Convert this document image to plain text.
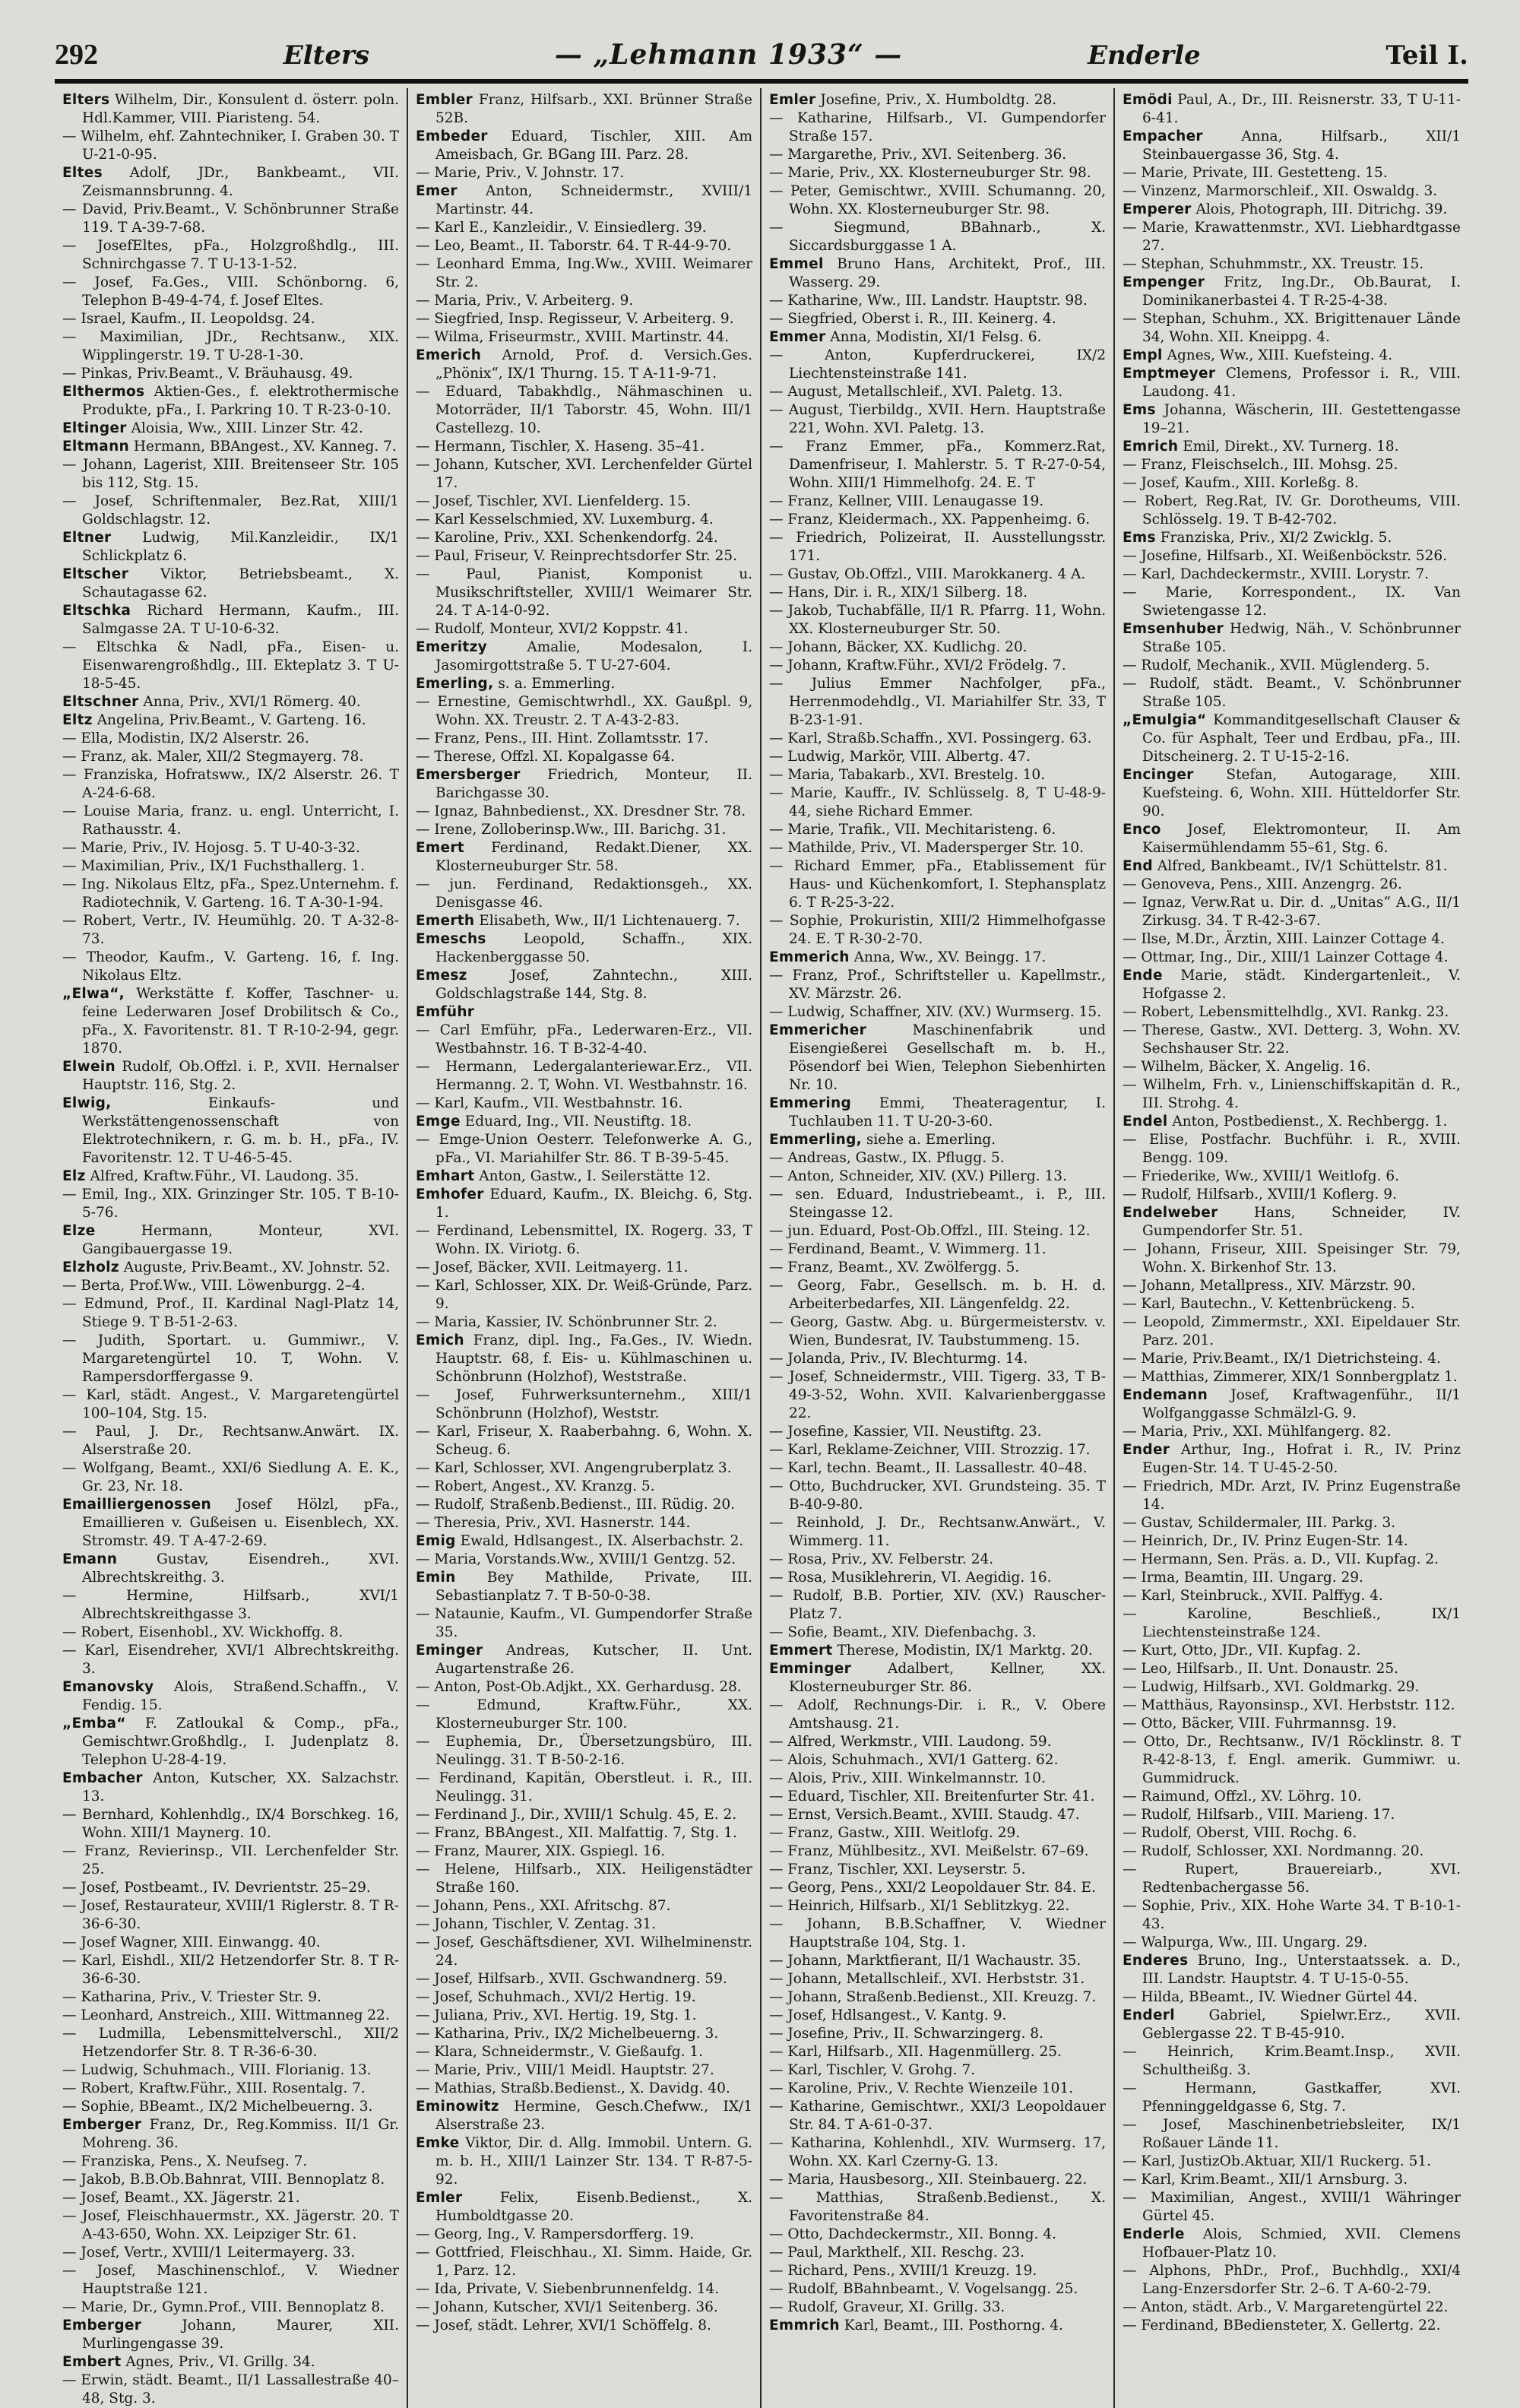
292	Elters	— „Lehmann 1933“ —	Enderle	Teil I.

Elters Wilhelm, Dir., Konsulent d. österr. poln. Hdl.Kammer, VIII. Piaristeng. 54.

— Wilhelm, ehf. Zahntechniker, I. Graben 30. T U-21-0-95.

Eltes Adolf, JDr., Bankbeamt., VII. Zeismannsbrunng. 4.

— David, Priv.Beamt., V. Schönbrunner Straße 119. T A-39-7-68.

— JosefEltes, pFa., Holzgroßhdlg., III. Schnirchgasse 7. T U-13-1-52.

— Josef, Fa.Ges., VIII. Schönborng. 6, Telephon B-49-4-74, f. Josef Eltes.

— Israel, Kaufm., II. Leopoldsg. 24.

— Maximilian, JDr., Rechtsanw., XIX. Wipplingerstr. 19. T U-28-1-30.

— Pinkas, Priv.Beamt., V. Bräuhausg. 49.

Elthermos Aktien-Ges., f. elektrothermische Produkte, pFa., I. Parkring 10. T R-23-0-10.

Eltinger Aloisia, Ww., XIII. Linzer Str. 42.

Eltmann Hermann, BBAngest., XV. Kanneg. 7.

— Johann, Lagerist, XIII. Breitenseer Str. 105 bis 112, Stg. 15.

— Josef, Schriftenmaler, Bez.Rat, XIII/1 Goldschlagstr. 12.

Eltner Ludwig, Mil.Kanzleidir., IX/1 Schlickplatz 6.

Eltscher Viktor, Betriebsbeamt., X. Schautagasse 62.

Eltschka Richard Hermann, Kaufm., III. Salmgasse 2A. T U-10-6-32.

— Eltschka & Nadl, pFa., Eisen- u. Eisenwarengroßhdlg., III. Ekteplatz 3. T U-18-5-45.

Eltschner Anna, Priv., XVI/1 Römerg. 40.

Eltz Angelina, Priv.Beamt., V. Garteng. 16.

— Ella, Modistin, IX/2 Alserstr. 26.

— Franz, ak. Maler, XII/2 Stegmayerg. 78.

— Franziska, Hofratsww., IX/2 Alserstr. 26. T A-24-6-68.

— Louise Maria, franz. u. engl. Unterricht, I. Rathausstr. 4.

— Marie, Priv., IV. Hojosg. 5. T U-40-3-32.

— Maximilian, Priv., IX/1 Fuchsthallerg. 1.

— Ing. Nikolaus Eltz, pFa., Spez.Unternehm. f. Radiotechnik, V. Garteng. 16. T A-30-1-94.

— Robert, Vertr., IV. Heumühlg. 20. T A-32-8-73.

— Theodor, Kaufm., V. Garteng. 16, f. Ing. Nikolaus Eltz.

„Elwa“, Werkstätte f. Koffer, Taschner- u. feine Lederwaren Josef Drobilitsch & Co., pFa., X. Favoritenstr. 81. T R-10-2-94, gegr. 1870.

Elwein Rudolf, Ob.Offzl. i. P., XVII. Hernalser Hauptstr. 116, Stg. 2.

Elwig,	Einkaufs- und Werkstättengenossenschaft von Elektrotechnikern, r. G. m. b. H., pFa., IV. Favoritenstr. 12. T U-46-5-45.

Elz Alfred, Kraftw.Führ., VI. Laudong. 35.

— Emil, Ing., XIX. Grinzinger Str. 105. T B-10-5-76.

Elze	Hermann, Monteur, XVI. Gangibauergasse 19.

Elzholz Auguste, Priv.Beamt., XV. Johnstr. 52.

— Berta, Prof.Ww., VIII. Löwenburgg. 2–4.

— Edmund, Prof., II. Kardinal Nagl-Platz 14, Stiege 9. T B-51-2-63.

— Judith, Sportart. u. Gummiwr., V. Margaretengürtel 10. T, Wohn. V. Rampersdorffergasse 9.

— Karl, städt. Angest., V. Margaretengürtel 100–104, Stg. 15.

— Paul, J. Dr., Rechtsanw.Anwärt. IX. Alserstraße 20.

— Wolfgang, Beamt., XXI/6 Siedlung A. E. K., Gr. 23, Nr. 18.

Emailliergenossen Josef Hölzl, pFa., Emaillieren v. Gußeisen u. Eisenblech, XX. Stromstr. 49. T A-47-2-69.

Emann	Gustav, Eisendreh., XVI. Albrechtskreithg. 3.

— Hermine, Hilfsarb., XVI/1 Albrechtskreithgasse 3.

— Robert, Eisenhobl., XV. Wickhoffg. 8.

— Karl, Eisendreher, XVI/1 Albrechtskreithg. 3.

Emanovsky Alois, Straßend.Schaffn., V. Fendig. 15.

„Emba“ F. Zatloukal & Comp., pFa., Gemischtwr.Großhdlg., I. Judenplatz 8. Telephon U-28-4-19.

Embacher Anton, Kutscher, XX. Salzachstr. 13.

— Bernhard, Kohlenhdlg., IX/4 Borschkeg. 16, Wohn. XIII/1 Maynerg. 10.

— Franz, Revierinsp., VII. Lerchenfelder Str. 25.

— Josef, Postbeamt., IV. Devrientstr. 25–29.

— Josef, Restaurateur, XVIII/1 Riglerstr. 8. T R-36-6-30.

— Josef Wagner, XIII. Einwangg. 40.

— Karl, Eishdl., XII/2 Hetzendorfer Str. 8. T R-36-6-30.

— Katharina, Priv., V. Triester Str. 9.

— Leonhard, Anstreich., XIII. Wittmanneg 22.

— Ludmilla, Lebensmittelverschl., XII/2 Hetzendorfer Str. 8. T R-36-6-30.

— Ludwig, Schuhmach., VIII. Florianig. 13.

— Robert, Kraftw.Führ., XIII. Rosentalg. 7.

— Sophie, BBeamt., IX/2 Michelbeuerng. 3.

Emberger Franz, Dr., Reg.Kommiss. II/1 Gr. Mohreng. 36.

— Franziska, Pens., X. Neufseg. 7.

— Jakob, B.B.Ob.Bahnrat, VIII. Bennoplatz 8.

— Josef, Beamt., XX. Jägerstr. 21.

— Josef, Fleischhauermstr., XX. Jägerstr. 20. T A-43-650, Wohn. XX. Leipziger Str. 61.

— Josef, Vertr., XVIII/1 Leitermayerg. 33.

— Josef, Maschinenschlof., V. Wiedner Hauptstraße 121.

— Marie, Dr., Gymn.Prof., VIII. Bennoplatz 8.

Emberger	Johann, Maurer, XII. Murlingengasse 39.

Embert Agnes, Priv., VI. Grillg. 34.

— Erwin, städt. Beamt., II/1 Lassallestraße 40–48, Stg. 3.

Embler Franz, Hilfsarb., XXI. Brünner Straße 52B.

Embeder Eduard, Tischler, XIII. Am Ameisbach, Gr. BGang III. Parz. 28.

— Marie, Priv., V. Johnstr. 17.

Emer Anton, Schneidermstr., XVIII/1 Martinstr. 44.

— Karl E., Kanzleidir., V. Einsiedlerg. 39.

— Leo, Beamt., II. Taborstr. 64. T R-44-9-70.

— Leonhard Emma, Ing.Ww., XVIII. Weimarer Str. 2.

— Maria, Priv., V. Arbeiterg. 9.

— Siegfried, Insp. Regisseur, V. Arbeiterg. 9.

— Wilma, Friseurmstr., XVIII. Martinstr. 44.

Emerich Arnold, Prof. d. Versich.Ges. „Phönix“, IX/1 Thurng. 15. T A-11-9-71.

— Eduard, Tabakhdlg., Nähmaschinen u. Motorräder, II/1 Taborstr. 45, Wohn. III/1 Castellezg. 10.

— Hermann, Tischler, X. Haseng. 35–41.

— Johann, Kutscher, XVI. Lerchenfelder Gürtel 17.

— Josef, Tischler, XVI. Lienfelderg. 15.

— Karl Kesselschmied, XV. Luxemburg. 4.

— Karoline, Priv., XXI. Schenkendorfg. 24.

— Paul, Friseur, V. Reinprechtsdorfer Str. 25.

— Paul, Pianist, Komponist u. Musikschriftsteller, XVIII/1 Weimarer Str. 24. T A-14-0-92.

— Rudolf, Monteur, XVI/2 Koppstr. 41.

Emeritzy	Amalie, Modesalon, I. Jasomirgottstraße 5. T U-27-604.

Emerling, s. a. Emmerling.

— Ernestine, Gemischtwrhdl., XX. Gaußpl. 9, Wohn. XX. Treustr. 2. T A-43-2-83.

— Franz, Pens., III. Hint. Zollamtsstr. 17.

— Therese, Offzl. XI. Kopalgasse 64.

Emersberger Friedrich, Monteur, II. Barichgasse 30.

— Ignaz, Bahnbedienst., XX. Dresdner Str. 78.

— Irene, Zolloberinsp.Ww., III. Barichg. 31.

Emert Ferdinand, Redakt.Diener, XX. Klosterneuburger Str. 58.

— jun. Ferdinand, Redaktionsgeh., XX. Denisgasse 46.

Emerth Elisabeth, Ww., II/1 Lichtenauerg. 7.

Emeschs	Leopold, Schaffn., XIX. Hackenberggasse 50.

Emesz	Josef, Zahntechn., XIII. Goldschlagstraße 144, Stg. 8.

Emführ

— Carl Emführ, pFa., Lederwaren-Erz., VII. Westbahnstr. 16. T B-32-4-40.

— Hermann, Ledergalanteriewar.Erz., VII. Hermanng. 2. T, Wohn. VI. Westbahnstr. 16.

— Karl, Kaufm., VII. Westbahnstr. 16.

Emge Eduard, Ing., VII. Neustiftg. 18.

— Emge-Union Oesterr. Telefonwerke A. G., pFa., VI. Mariahilfer Str. 86. T B-39-5-45.

Emhart Anton, Gastw., I. Seilerstätte 12.

Emhofer Eduard, Kaufm., IX. Bleichg. 6, Stg. 1.

— Ferdinand, Lebensmittel, IX. Rogerg. 33, T Wohn. IX. Viriotg. 6.

— Josef, Bäcker, XVII. Leitmayerg. 11.

— Karl, Schlosser, XIX. Dr. Weiß-Gründe, Parz. 9.

— Maria, Kassier, IV. Schönbrunner Str. 2.

Emich Franz, dipl. Ing., Fa.Ges., IV. Wiedn. Hauptstr. 68, f. Eis- u. Kühlmaschinen u. Schönbrunn (Holzhof), Weststraße.

— Josef, Fuhrwerksunternehm., XIII/1 Schönbrunn (Holzhof), Weststr.

— Karl, Friseur, X. Raaberbahng. 6, Wohn. X. Scheug. 6.

— Karl, Schlosser, XVI. Angengruberplatz 3.

— Robert, Angest., XV. Kranzg. 5.

— Rudolf, Straßenb.Bedienst., III. Rüdig. 20.

— Theresia, Priv., XVI. Hasnerstr. 144.

Emig Ewald, Hdlsangest., IX. Alserbachstr. 2.

— Maria, Vorstands.Ww., XVIII/1 Gentzg. 52.

Emin Bey Mathilde, Private, III. Sebastianplatz 7. T B-50-0-38.

— Nataunie, Kaufm., VI. Gumpendorfer Straße 35.

Eminger Andreas, Kutscher, II. Unt. Augartenstraße 26.

— Anton, Post-Ob.Adjkt., XX. Gerhardusg. 28.

— Edmund, Kraftw.Führ., XX. Klosterneuburger Str. 100.

— Euphemia, Dr., Übersetzungsbüro, III. Neulingg. 31. T B-50-2-16.

— Ferdinand, Kapitän, Oberstleut. i. R., III. Neulingg. 31.

— Ferdinand J., Dir., XVIII/1 Schulg. 45, E. 2.

— Franz, BBAngest., XII. Malfattig. 7, Stg. 1.

— Franz, Maurer, XIX. Gspiegl. 16.

— Helene, Hilfsarb., XIX. Heiligenstädter Straße 160.

— Johann, Pens., XXI. Afritschg. 87.

— Johann, Tischler, V. Zentag. 31.

— Josef, Geschäftsdiener, XVI. Wilhelminenstr. 24.

— Josef, Hilfsarb., XVII. Gschwandnerg. 59.

— Josef, Schuhmach., XVI/2 Hertig. 19.

— Juliana, Priv., XVI. Hertig. 19, Stg. 1.

— Katharina, Priv., IX/2 Michelbeuerng. 3.

— Klara, Schneidermstr., V. Gießaufg. 1.

— Marie, Priv., VIII/1 Meidl. Hauptstr. 27.

— Mathias, Straßb.Bedienst., X. Davidg. 40.

Eminowitz Hermine, Gesch.Chefww., IX/1 Alserstraße 23.

Emke Viktor, Dir. d. Allg. Immobil. Untern. G. m. b. H., XIII/1 Lainzer Str. 134. T R-87-5-92.

Emler	Felix, Eisenb.Bedienst., X. Humboldtgasse 20.

— Georg, Ing., V. Rampersdorfferg. 19.

— Gottfried, Fleischhau., XI. Simm. Haide, Gr. 1, Parz. 12.

— Ida, Private, V. Siebenbrunnenfeldg. 14.

— Johann, Kutscher, XVI/1 Seitenberg. 36.

— Josef, städt. Lehrer, XVI/1 Schöffelg. 8.

Emler Josefine, Priv., X. Humboldtg. 28.

— Katharine, Hilfsarb., VI. Gumpendorfer Straße 157.

— Margarethe, Priv., XVI. Seitenberg. 36.

— Marie, Priv., XX. Klosterneuburger Str. 98.

— Peter, Gemischtwr., XVIII. Schumanng. 20, Wohn. XX. Klosterneuburger Str. 98.

— Siegmund, BBahnarb., X. Siccardsburggasse 1 A.

Emmel Bruno Hans, Architekt, Prof., III. Wasserg. 29.

— Katharine, Ww., III. Landstr. Hauptstr. 98.

— Siegfried, Oberst i. R., III. Keinerg. 4.

Emmer Anna, Modistin, XI/1 Felsg. 6.

— Anton, Kupferdruckerei, IX/2 Liechtensteinstraße 141.

— August, Metallschleif., XVI. Paletg. 13.

— August, Tierbildg., XVII. Hern. Hauptstraße 221, Wohn. XVI. Paletg. 13.

— Franz Emmer, pFa., Kommerz.Rat, Damenfriseur, I. Mahlerstr. 5. T R-27-0-54, Wohn. XIII/1 Himmelhofg. 24. E. T

— Franz, Kellner, VIII. Lenaugasse 19.

— Franz, Kleidermach., XX. Pappenheimg. 6.

— Friedrich, Polizeirat, II. Ausstellungsstr. 171.

— Gustav, Ob.Offzl., VIII. Marokkanerg. 4 A.

— Hans, Dir. i. R., XIX/1 Silberg. 18.

— Jakob, Tuchabfälle, II/1 R. Pfarrg. 11, Wohn. XX. Klosterneuburger Str. 50.

— Johann, Bäcker, XX. Kudlichg. 20.

— Johann, Kraftw.Führ., XVI/2 Frödelg. 7.

— Julius Emmer Nachfolger, pFa., Herrenmodehdlg., VI. Mariahilfer Str. 33, T B-23-1-91.

— Karl, Straßb.Schaffn., XVI. Possingerg. 63.

— Ludwig, Markör, VIII. Albertg. 47.

— Maria, Tabakarb., XVI. Brestelg. 10.

— Marie, Kauffr., IV. Schlüsselg. 8, T U-48-9-44, siehe Richard Emmer.

— Marie, Trafik., VII. Mechitaristeng. 6.

— Mathilde, Priv., VI. Madersperger Str. 10.

— Richard Emmer, pFa., Etablissement für Haus- und Küchenkomfort, I. Stephansplatz 6. T R-25-3-22.

— Sophie, Prokuristin, XIII/2 Himmelhofgasse 24. E. T R-30-2-70.

Emmerich Anna, Ww., XV. Beingg. 17.

— Franz, Prof., Schriftsteller u. Kapellmstr., XV. Märzstr. 26.

— Ludwig, Schaffner, XIV. (XV.) Wurmserg. 15.

Emmericher	Maschinenfabrik und Eisengießerei Gesellschaft m. b. H., Pösendorf bei Wien, Telephon Siebenhirten Nr. 10.

Emmering Emmi, Theateragentur, I. Tuchlauben 11. T U-20-3-60.

Emmerling, siehe a. Emerling.

— Andreas, Gastw., IX. Pflugg. 5.

— Anton, Schneider, XIV. (XV.) Pillerg. 13.

— sen. Eduard, Industriebeamt., i. P., III. Steingasse 12.

— jun. Eduard, Post-Ob.Offzl., III. Steing. 12.

— Ferdinand, Beamt., V. Wimmerg. 11.

— Franz, Beamt., XV. Zwölfergg. 5.

— Georg, Fabr., Gesellsch. m. b. H. d. Arbeiterbedarfes, XII. Längenfeldg. 22.

— Georg, Gastw. Abg. u. Bürgermeisterstv. v. Wien, Bundesrat, IV. Taubstummeng. 15.

— Jolanda, Priv., IV. Blechturmg. 14.

— Josef, Schneidermstr., VIII. Tigerg. 33, T B-49-3-52, Wohn. XVII. Kalvarienberggasse 22.

— Josefine, Kassier, VII. Neustiftg. 23.

— Karl, Reklame-Zeichner, VIII. Strozzig. 17.

— Karl, techn. Beamt., II. Lassallestr. 40–48.

— Otto, Buchdrucker, XVI. Grundsteing. 35. T B-40-9-80.

— Reinhold, J. Dr., Rechtsanw.Anwärt., V. Wimmerg. 11.

— Rosa, Priv., XV. Felberstr. 24.

— Rosa, Musiklehrerin, VI. Aegidig. 16.

— Rudolf, B.B. Portier, XIV. (XV.) Rauscher-Platz 7.

— Sofie, Beamt., XIV. Diefenbachg. 3.

Emmert Therese, Modistin, IX/1 Marktg. 20.

Emminger	Adalbert, Kellner, XX. Klosterneuburger Str. 86.

— Adolf, Rechnungs-Dir. i. R., V. Obere Amtshausg. 21.

— Alfred, Werkmstr., VIII. Laudong. 59.

— Alois, Schuhmach., XVI/1 Gatterg. 62.

— Alois, Priv., XIII. Winkelmannstr. 10.

— Eduard, Tischler, XII. Breitenfurter Str. 41.

— Ernst, Versich.Beamt., XVIII. Staudg. 47.

— Franz, Gastw., XIII. Weitlofg. 29.

— Franz, Mühlbesitz., XVI. Meißelstr. 67–69.

— Franz, Tischler, XXI. Leyserstr. 5.

— Georg, Pens., XXI/2 Leopoldauer Str. 84. E.

— Heinrich, Hilfsarb., XI/1 Seblitzkyg. 22.

— Johann, B.B.Schaffner, V. Wiedner Hauptstraße 104, Stg. 1.

— Johann, Marktfierant, II/1 Wachaustr. 35.

— Johann, Metallschleif., XVI. Herbststr. 31.

— Johann, Straßenb.Bedienst., XII. Kreuzg. 7.

— Josef, Hdlsangest., V. Kantg. 9.

— Josefine, Priv., II. Schwarzingerg. 8.

— Karl, Hilfsarb., XII. Hagenmüllerg. 25.

— Karl, Tischler, V. Grohg. 7.

— Karoline, Priv., V. Rechte Wienzeile 101.

— Katharine, Gemischtwr., XXI/3 Leopoldauer Str. 84. T A-61-0-37.

— Katharina, Kohlenhdl., XIV. Wurmserg. 17, Wohn. XX. Karl Czerny-G. 13.

— Maria, Hausbesorg., XII. Steinbauerg. 22.

— Matthias, Straßenb.Bedienst., X. Favoritenstraße 84.

— Otto, Dachdeckermstr., XII. Bonng. 4.

— Paul, Markthelf., XII. Reschg. 23.

— Richard, Pens., XVIII/1 Kreuzg. 19.

— Rudolf, BBahnbeamt., V. Vogelsangg. 25.

— Rudolf, Graveur, XI. Grillg. 33.

Emmrich Karl, Beamt., III. Posthorng. 4.

Emödi Paul, A., Dr., III. Reisnerstr. 33, T U-11-6-41.

Empacher	Anna, Hilfsarb., XII/1 Steinbauergasse 36, Stg. 4.

— Marie, Private, III. Gestetteng. 15.

— Vinzenz, Marmorschleif., XII. Oswaldg. 3.

Emperer Alois, Photograph, III. Ditrichg. 39.

— Marie, Krawattenmstr., XVI. Liebhardtgasse 27.

— Stephan, Schuhmmstr., XX. Treustr. 15.

Empenger Fritz, Ing.Dr., Ob.Baurat, I. Dominikanerbastei 4. T R-25-4-38.

— Stephan, Schuhm., XX. Brigittenauer Lände 34, Wohn. XII. Kneippg. 4.

Empl Agnes, Ww., XIII. Kuefsteing. 4.

Emptmeyer Clemens, Professor i. R., VIII. Laudong. 41.

Ems Johanna, Wäscherin, III. Gestettengasse 19–21.

Emrich Emil, Direkt., XV. Turnerg. 18.

— Franz, Fleischselch., III. Mohsg. 25.

— Josef, Kaufm., XIII. Korleßg. 8.

— Robert, Reg.Rat, IV. Gr. Dorotheums, VIII. Schlösselg. 19. T B-42-702.

Ems Franziska, Priv., XI/2 Zwicklg. 5.

— Josefine, Hilfsarb., XI. Weißenböckstr. 526.

— Karl, Dachdeckermstr., XVIII. Lorystr. 7.

— Marie, Korrespondent., IX. Van Swietengasse 12.

Emsenhuber Hedwig, Näh., V. Schönbrunner Straße 105.

— Rudolf, Mechanik., XVII. Müglenderg. 5.

— Rudolf, städt. Beamt., V. Schönbrunner Straße 105.

„Emulgia“ Kommanditgesellschaft Clauser & Co. für Asphalt, Teer und Erdbau, pFa., III. Ditscheinerg. 2. T U-15-2-16.

Encinger Stefan, Autogarage, XIII. Kuefsteing. 6, Wohn. XIII. Hütteldorfer Str. 90.

Enco Josef, Elektromonteur, II. Am Kaisermühlendamm 55–61, Stg. 6.

End Alfred, Bankbeamt., IV/1 Schüttelstr. 81.

— Genoveva, Pens., XIII. Anzengrg. 26.

— Ignaz, Verw.Rat u. Dir. d. „Unitas“ A.G., II/1 Zirkusg. 34. T R-42-3-67.

— Ilse, M.Dr., Ärztin, XIII. Lainzer Cottage 4.

— Ottmar, Ing., Dir., XIII/1 Lainzer Cottage 4.

Ende Marie, städt. Kindergartenleit., V. Hofgasse 2.

— Robert, Lebensmittelhdlg., XVI. Rankg. 23.

— Therese, Gastw., XVI. Detterg. 3, Wohn. XV. Sechshauser Str. 22.

— Wilhelm, Bäcker, X. Angelig. 16.

— Wilhelm, Frh. v., Linienschiffskapitän d. R., III. Strohg. 4.

Endel Anton, Postbedienst., X. Rechbergg. 1.

— Elise, Postfachr. Buchführ. i. R., XVIII. Bengg. 109.

— Friederike, Ww., XVIII/1 Weitlofg. 6.

— Rudolf, Hilfsarb., XVIII/1 Koflerg. 9.

Endelweber	Hans, Schneider, IV. Gumpendorfer Str. 51.

— Johann, Friseur, XIII. Speisinger Str. 79, Wohn. X. Birkenhof Str. 13.

— Johann, Metallpress., XIV. Märzstr. 90.

— Karl, Bautechn., V. Kettenbrückeng. 5.

— Leopold, Zimmermstr., XXI. Eipeldauer Str. Parz. 201.

— Marie, Priv.Beamt., IX/1 Dietrichsteing. 4.

— Matthias, Zimmerer, XIX/1 Sonnbergplatz 1.

Endemann Josef, Kraftwagenführ., II/1 Wolfganggasse Schmälzl-G. 9.

— Maria, Priv., XXI. Mühlfangerg. 82.

Ender Arthur, Ing., Hofrat i. R., IV. Prinz Eugen-Str. 14. T U-45-2-50.

— Friedrich, MDr. Arzt, IV. Prinz Eugenstraße 14.

— Gustav, Schildermaler, III. Parkg. 3.

— Heinrich, Dr., IV. Prinz Eugen-Str. 14.

— Hermann, Sen. Präs. a. D., VII. Kupfag. 2.

— Irma, Beamtin, III. Ungarg. 29.

— Karl, Steinbruck., XVII. Palffyg. 4.

— Karoline, Beschließ., IX/1 Liechtensteinstraße 124.

— Kurt, Otto, JDr., VII. Kupfag. 2.

— Leo, Hilfsarb., II. Unt. Donaustr. 25.

— Ludwig, Hilfsarb., XVI. Goldmarkg. 29.

— Matthäus, Rayonsinsp., XVI. Herbststr. 112.

— Otto, Bäcker, VIII. Fuhrmannsg. 19.

— Otto, Dr., Rechtsanw., IV/1 Röcklinstr. 8. T R-42-8-13, f. Engl. amerik. Gummiwr. u. Gummidruck.

— Raimund, Offzl., XV. Löhrg. 10.

— Rudolf, Hilfsarb., VIII. Marieng. 17.

— Rudolf, Oberst, VIII. Rochg. 6.

— Rudolf, Schlosser, XXI. Nordmanng. 20.

— Rupert, Brauereiarb., XVI. Redtenbachergasse 56.

— Sophie, Priv., XIX. Hohe Warte 34. T B-10-1-43.

— Walpurga, Ww., III. Ungarg. 29.

Enderes Bruno, Ing., Unterstaatssek. a. D., III. Landstr. Hauptstr. 4. T U-15-0-55.

— Hilda, BBeamt., IV. Wiedner Gürtel 44.

Enderl Gabriel, Spielwr.Erz., XVII. Geblergasse 22. T B-45-910.

— Heinrich, Krim.Beamt.Insp., XVII. Schultheißg. 3.

— Hermann, Gastkaffer, XVI. Pfenninggeldgasse 6, Stg. 7.

— Josef, Maschinenbetriebsleiter, IX/1 Roßauer Lände 11.

— Karl, JustizOb.Aktuar, XII/1 Ruckerg. 51.

— Karl, Krim.Beamt., XII/1 Arnsburg. 3.

— Maximilian, Angest., XVIII/1 Währinger Gürtel 45.

Enderle Alois, Schmied, XVII. Clemens Hofbauer-Platz 10.

— Alphons, PhDr., Prof., Buchhdlg., XXI/4 Lang-Enzersdorfer Str. 2–6. T A-60-2-79.

— Anton, städt. Arb., V. Margaretengürtel 22.

— Ferdinand, BBediensteter, X. Gellertg. 22.
